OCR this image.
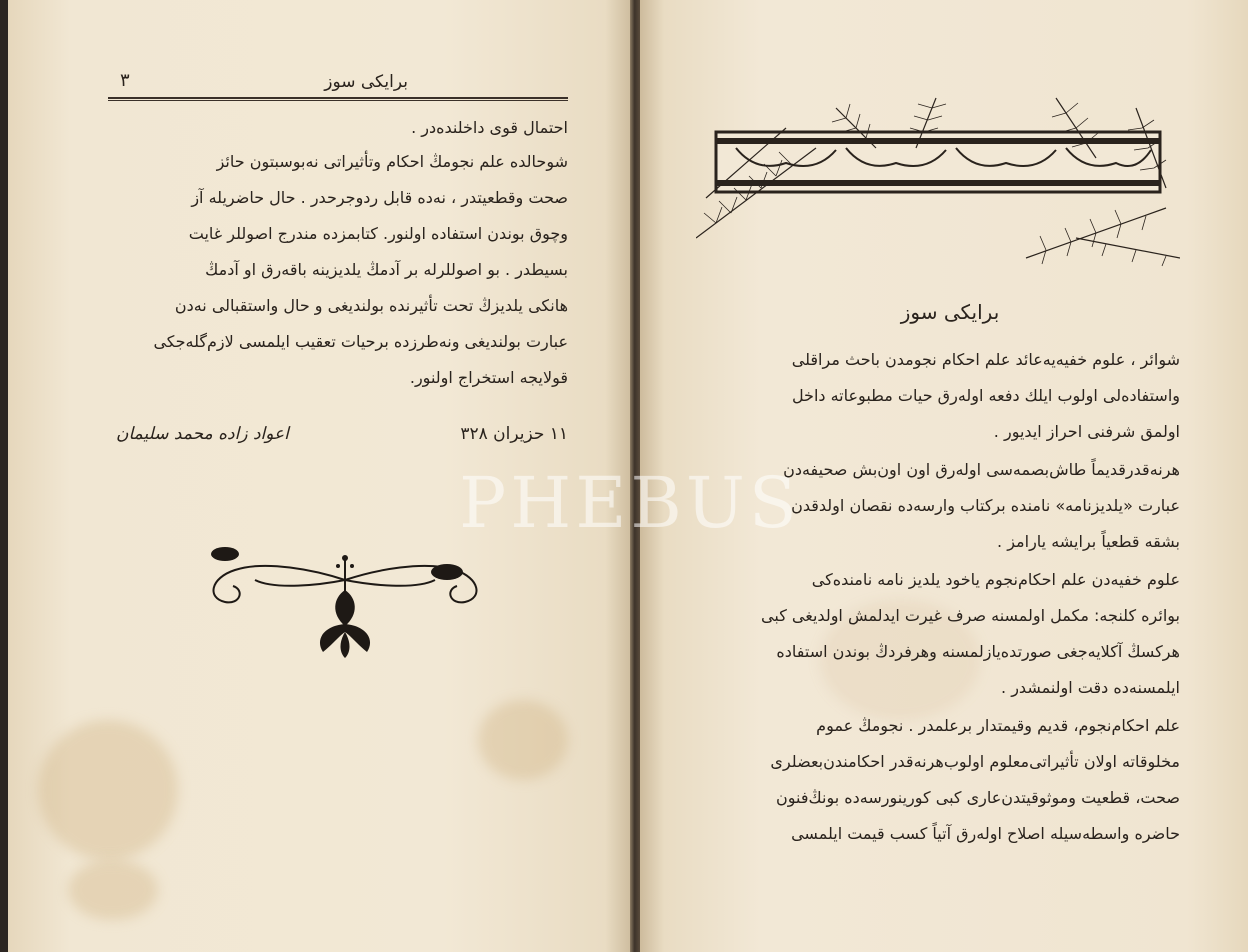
برایکی سوز
٣
احتمال قوی داخلنده‌در .
شوحالده علم نجومڭ احکام وتأثیراتی نه‌بوسبتون حائز
صحت وقطعیتدر ، نه‌ده قابل ردوجرحدر . حال حاضریله آز
وچوق بوندن استفاده اولنور. کتابمزده مندرج اصوللر غایت
بسیطدر . بو اصوللرله بر آدمڭ یلدیزینه باقه‌رق او آدمڭ
هانکی یلدیزڭ تحت تأثیرنده بولندیغی و حال واستقبالی نه‌دن
عبارت بولندیغی ونه‌طرزده برحیات تعقیب ایلمسی لازم‌گله‌جکی
قولایجه استخراج اولنور.
١١ حزیران ٣٢٨
اعواد زاده محمد سلیمان
برایکی سوز
شوائر ، علوم خفیه‌یه‌عائد علم احکام نجومدن باحث مراقلی
واستفاده‌لی اولوب ایلك دفعه اوله‌رق حیات مطبوعاته داخل
اولمق شرفنی احراز ایدیور .
هرنه‌قدرقدیماً طاش‌بصمه‌سی اوله‌رق اون اون‌بش صحیفه‌دن
عبارت «یلدیزنامه» نامنده برکتاب وارسه‌ده نقصان اولدقدن
بشقه قطعیاً برایشه یارامز .
علوم خفیه‌دن علم احکام‌نجوم یاخود یلدیز نامه نامنده‌کی
بوائره کلنجه: مکمل اولمسنه صرف غیرت ایدلمش اولدیغی کبی
هرکسڭ آکلایه‌جغی صورتده‌یازلمسنه وهرفردڭ بوندن استفاده
ایلمسنه‌ده دقت اولنمشدر .
علم احکام‌نجوم، قدیم وقیمتدار برعلمدر . نجومڭ عموم
مخلوقاته اولان تأثیراتی‌معلوم اولوب‌هرنه‌قدر احکامندن‌بعضلری
صحت، قطعیت وموثوقیتدن‌عاری کبی کورینورسه‌ده بونڭ‌فنون
حاضره واسطه‌سیله اصلاح اوله‌رق آتیاً کسب قیمت ایلمسی
PHEBUS
